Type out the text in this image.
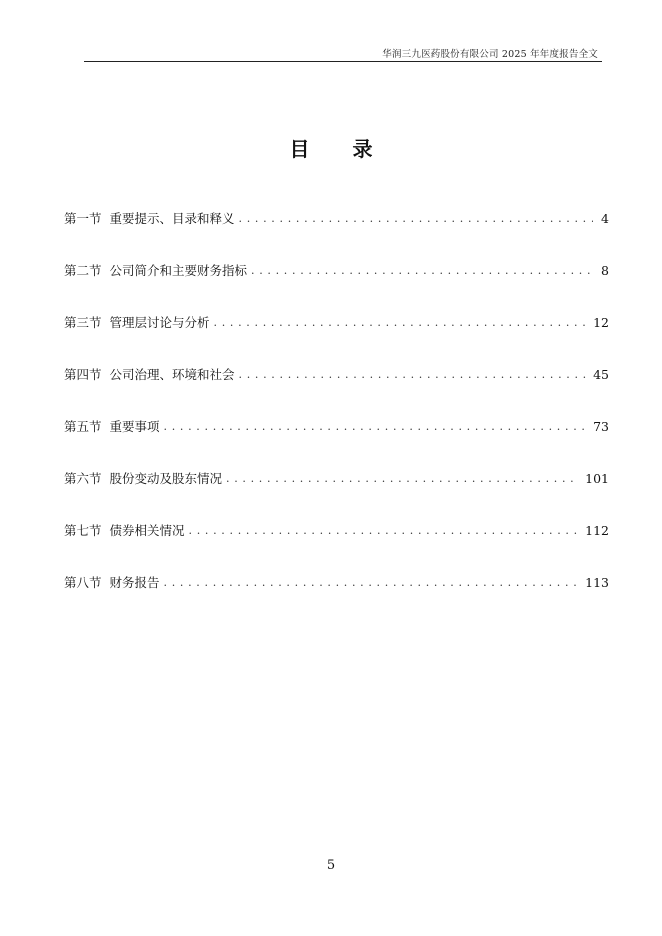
华润三九医药股份有限公司 2025 年年度报告全文
目 录
第一节 重要提示、目录和释义 . . .	4
第二节 公司简介和主要财务指标 . . .	8
第三节 管理层讨论与分析 . . .	12
第四节 公司治理、环境和社会 . . .	45
第五节 重要事项 . . .	73
第六节 股份变动及股东情况 . . .	101
第七节 债券相关情况 . . .	112
第八节 财务报告 . . .	113
5
